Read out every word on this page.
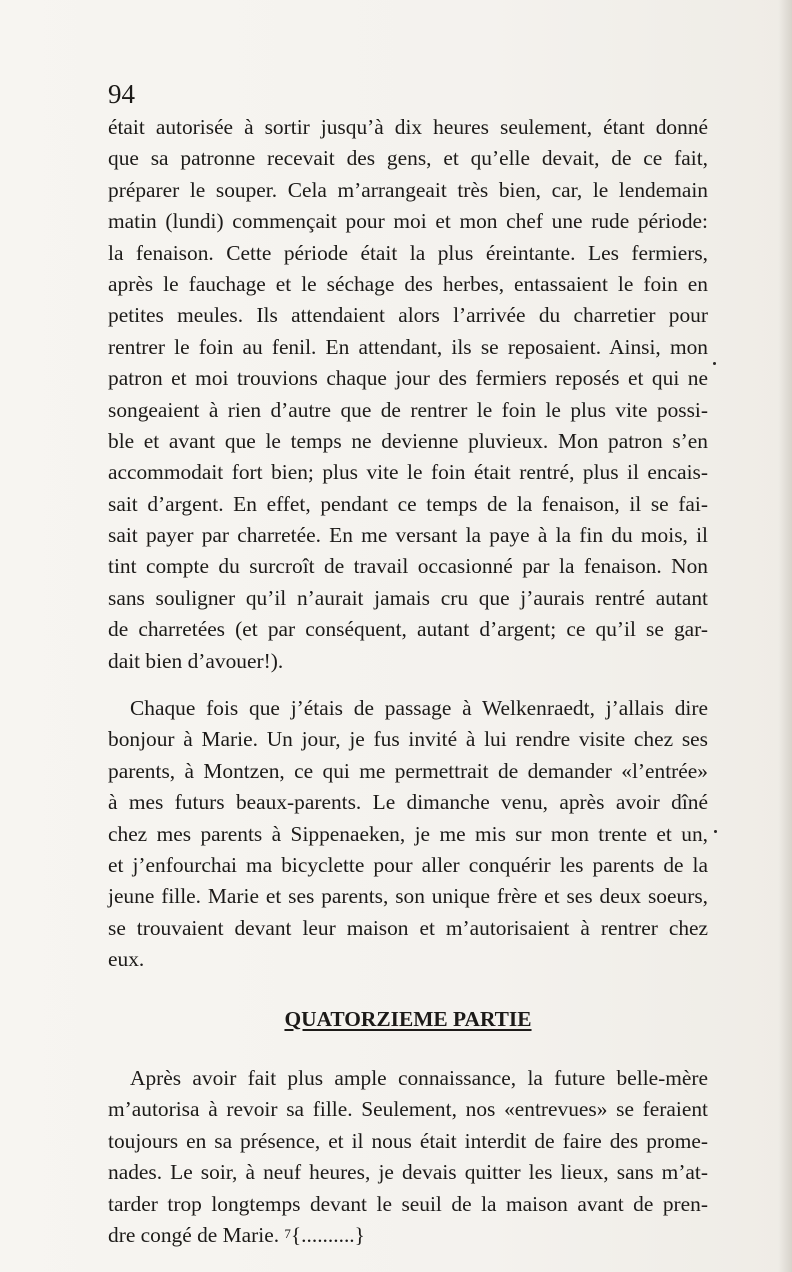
94
était autorisée à sortir jusqu’à dix heures seulement, étant donné
que sa patronne recevait des gens, et qu’elle devait, de ce fait,
préparer le souper. Cela m’arrangeait très bien, car, le lendemain
matin (lundi) commençait pour moi et mon chef une rude période:
la fenaison. Cette période était la plus éreintante. Les fermiers,
après le fauchage et le séchage des herbes, entassaient le foin en
petites meules. Ils attendaient alors l’arrivée du charretier pour
rentrer le foin au fenil. En attendant, ils se reposaient. Ainsi, mon
patron et moi trouvions chaque jour des fermiers reposés et qui ne
songeaient à rien d’autre que de rentrer le foin le plus vite possi-
ble et avant que le temps ne devienne pluvieux. Mon patron s’en
accommodait fort bien; plus vite le foin était rentré, plus il encais-
sait d’argent. En effet, pendant ce temps de la fenaison, il se fai-
sait payer par charretée. En me versant la paye à la fin du mois, il
tint compte du surcroît de travail occasionné par la fenaison. Non
sans souligner qu’il n’aurait jamais cru que j’aurais rentré autant
de charretées (et par conséquent, autant d’argent; ce qu’il se gar-
dait bien d’avouer!).
Chaque fois que j’étais de passage à Welkenraedt, j’allais dire
bonjour à Marie. Un jour, je fus invité à lui rendre visite chez ses
parents, à Montzen, ce qui me permettrait de demander «l’entrée»
à mes futurs beaux-parents. Le dimanche venu, après avoir dîné
chez mes parents à Sippenaeken, je me mis sur mon trente et un,
et j’enfourchai ma bicyclette pour aller conquérir les parents de la
jeune fille. Marie et ses parents, son unique frère et ses deux soeurs,
se trouvaient devant leur maison et m’autorisaient à rentrer chez
eux.
QUATORZIEME PARTIE
Après avoir fait plus ample connaissance, la future belle-mère
m’autorisa à revoir sa fille. Seulement, nos «entrevues» se feraient
toujours en sa présence, et il nous était interdit de faire des prome-
nades. Le soir, à neuf heures, je devais quitter les lieux, sans m’at-
tarder trop longtemps devant le seuil de la maison avant de pren-
dre congé de Marie. $^7${..........}
